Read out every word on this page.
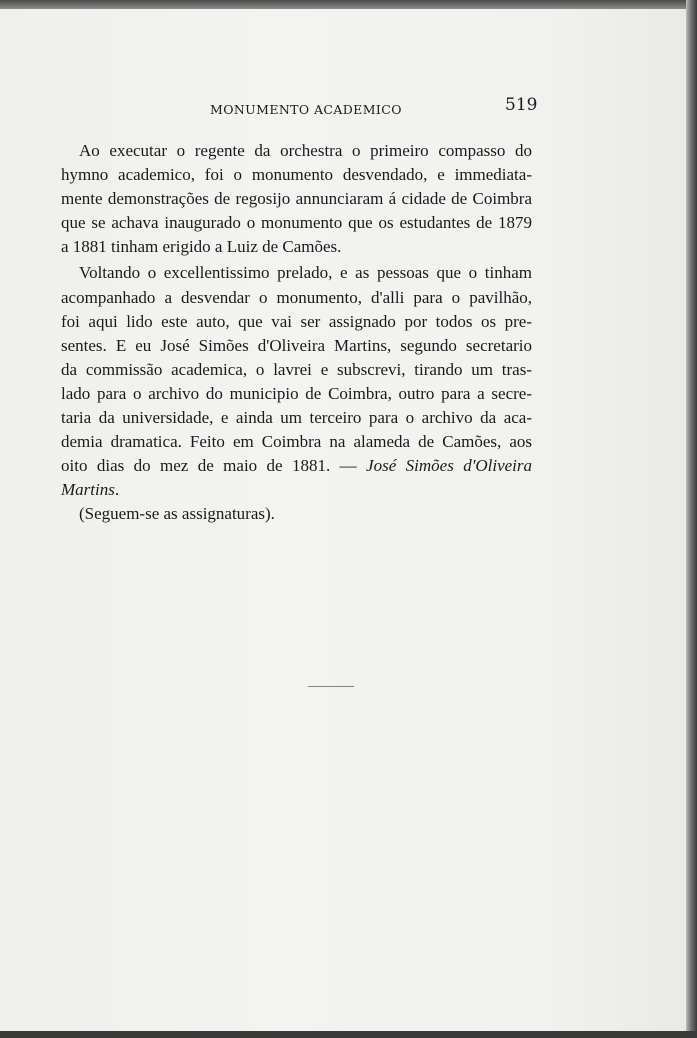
MONUMENTO ACADEMICO	519
Ao executar o regente da orchestra o primeiro compasso do
hymno academico, foi o monumento desvendado, e immediata-
mente demonstrações de regosijo annunciaram á cidade de Coimbra
que se achava inaugurado o monumento que os estudantes de 1879
a 1881 tinham erigido a Luiz de Camões.
Voltando o excellentissimo prelado, e as pessoas que o tinham
acompanhado a desvendar o monumento, d'alli para o pavilhão,
foi aqui lido este auto, que vai ser assignado por todos os pre-
sentes. E eu José Simões d'Oliveira Martins, segundo secretario
da commissão academica, o lavrei e subscrevi, tirando um tras-
lado para o archivo do municipio de Coimbra, outro para a secre-
taria da universidade, e ainda um terceiro para o archivo da aca-
demia dramatica. Feito em Coimbra na alameda de Camões, aos
oito dias do mez de maio de 1881. — José Simões d'Oliveira
Martins.
(Seguem-se as assignaturas).
